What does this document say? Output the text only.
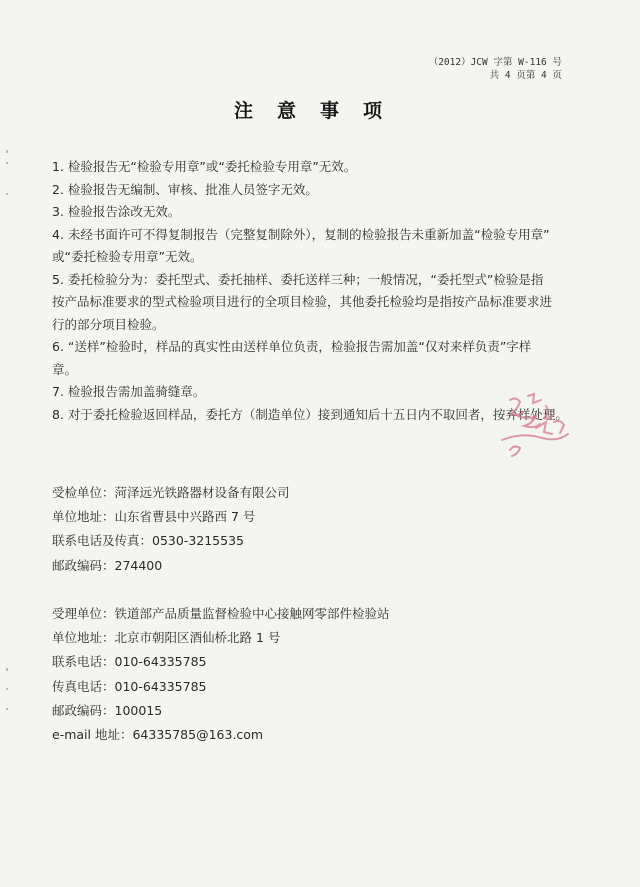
（2012）JCW 字第 W-116 号
共 4 页第 4 页
注意事项

1. 检验报告无“检验专用章”或“委托检验专用章”无效。

2. 检验报告无编制、审核、批准人员签字无效。

3. 检验报告涂改无效。

4. 未经书面许可不得复制报告（完整复制除外），复制的检验报告未重新加盖“检验专用章”

或“委托检验专用章”无效。

5. 委托检验分为：委托型式、委托抽样、委托送样三种；一般情况，“委托型式”检验是指

按产品标准要求的型式检验项目进行的全项目检验，其他委托检验均是指按产品标准要求进

行的部分项目检验。

6. “送样”检验时，样品的真实性由送样单位负责，检验报告需加盖“仅对来样负责”字样

章。

7. 检验报告需加盖骑缝章。

8. 对于委托检验返回样品，委托方（制造单位）接到通知后十五日内不取回者，按弃样处理。

受检单位：菏泽远光铁路器材设备有限公司
单位地址：山东省曹县中兴路西 7 号
联系电话及传真：0530-3215535
邮政编码：274400
受理单位：铁道部产品质量监督检验中心接触网零部件检验站
单位地址：北京市朝阳区酒仙桥北路 1 号
联系电话：010-64335785
传真电话：010-64335785
邮政编码：100015
e-mail 地址：64335785@163.com
